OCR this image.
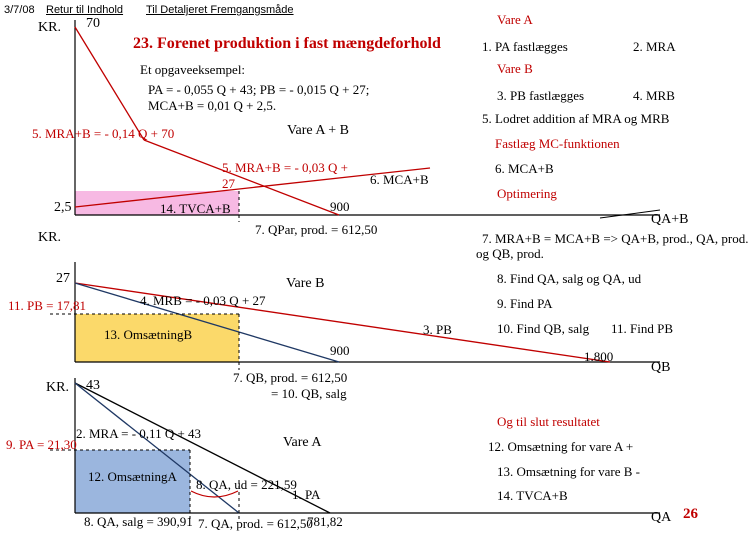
3/7/08 Retur til Indhold Til Detaljeret Fremgangsmåde
23. Forenet produktion i fast mængdeforhold
26
Et opgaveeksempel:
PA = - 0,055 Q + 43; PB = - 0,015 Q + 27;
MCA+B = 0,01 Q + 2,5.
KR. 70
5. MRA+B = - 0,14 Q + 70	Vare A + B
5. MRA+B = - 0,03 Q +
27	6. MCA+B
2,5	14. TVCA+B	900
7. QPar, prod. = 612,50
QA+B
KR.
27	Vare B
11. PB = 17,81	4. MRB = - 0,03 Q + 27
3. PB
13. OmsætningB
900	1.800
7. QB, prod. = 612,50
= 10. QB, salg
QB
KR. 43
9. PA = 21,30
2. MRA = - 0,11 Q + 43
Vare A
12. OmsætningA
8. QA, ud = 221,59
1. PA
8. QA, salg = 390,91 7. QA, prod. = 612,50
781,82	QA
Vare A
1. PA fastlægges	2. MRA
Vare B
3. PB fastlægges	4. MRB
5. Lodret addition af MRA og MRB
Fastlæg MC-funktionen
6. MCA+B
Optimering
7. MRA+B = MCA+B => QA+B, prod., QA, prod.
og QB, prod.
8. Find QA, salg og QA, ud
9. Find PA
10. Find QB, salg 11. Find PB
Og til slut resultatet
12. Omsætning for vare A +
13. Omsætning for vare B -
14. TVCA+B
